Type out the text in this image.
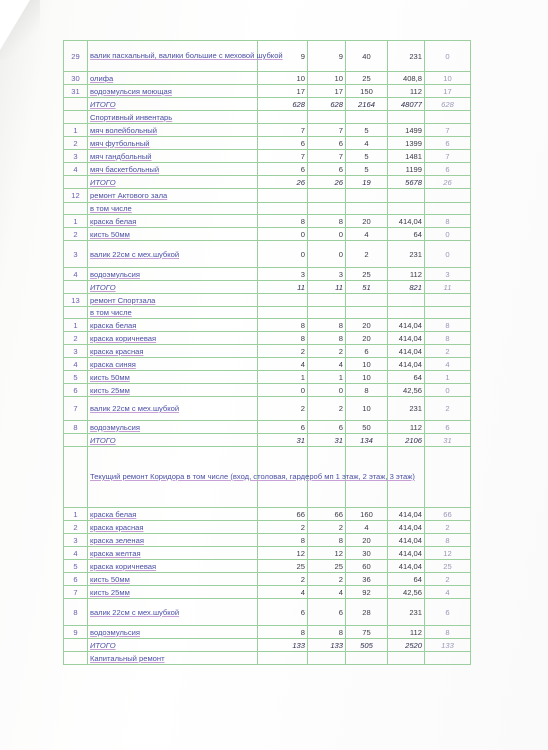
29	валик пасхальный, валики большие с меховой шубкой	9	9	40	231	0
30	олифа	10	10	25	408,8	10
31	водоэмульсия моющая	17	17	150	112	17
	ИТОГО	628	628	2164	48077	628
	Спортивный инвентарь					
1	мяч волейбольный	7	7	5	1499	7
2	мяч футбольный	6	6	4	1399	6
3	мяч гандбольный	7	7	5	1481	7
4	мяч баскетбольный	6	6	5	1199	6
	ИТОГО	26	26	19	5678	26
12	ремонт Актового зала					
	в том числе					
1	краска белая	8	8	20	414,04	8
2	кисть 50мм	0	0	4	64	0
3	валик 22см с мех.шубкой	0	0	2	231	0
4	водоэмульсия	3	3	25	112	3
	ИТОГО	11	11	51	821	11
13	ремонт Спортзала					
	в том числе					
1	краска белая	8	8	20	414,04	8
2	краска коричневая	8	8	20	414,04	8
3	краска красная	2	2	6	414,04	2
4	краска синяя	4	4	10	414,04	4
5	кисть 50мм	1	1	10	64	1
6	кисть 25мм	0	0	8	42,56	0
7	валик 22см с мех.шубкой	2	2	10	231	2
8	водоэмульсия	6	6	50	112	6
	ИТОГО	31	31	134	2106	31
	Текущий ремонт Коридора в том числе (вход, столовая, гардероб мп 1 этаж, 2 этаж, 3 этаж)					
1	краска белая	66	66	160	414,04	66
2	краска красная	2	2	4	414,04	2
3	краска зеленая	8	8	20	414,04	8
4	краска желтая	12	12	30	414,04	12
5	краска коричневая	25	25	60	414,04	25
6	кисть 50мм	2	2	36	64	2
7	кисть 25мм	4	4	92	42,56	4
8	валик 22см с мех.шубкой	6	6	28	231	6
9	водоэмульсия	8	8	75	112	8
	ИТОГО	133	133	505	2520	133
	Капитальный ремонт					
